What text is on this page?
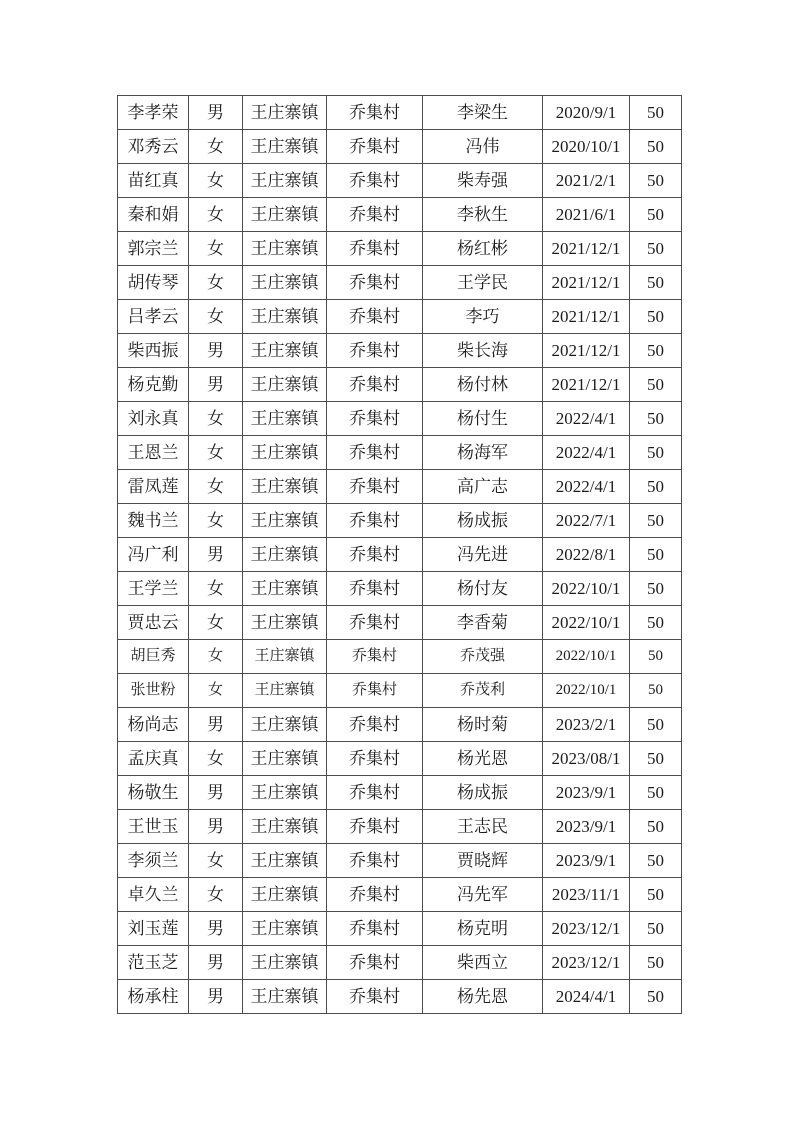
李孝荣	男	王庄寨镇	乔集村	李梁生	2020/9/1	50
邓秀云	女	王庄寨镇	乔集村	冯伟	2020/10/1	50
苗红真	女	王庄寨镇	乔集村	柴寿强	2021/2/1	50
秦和娟	女	王庄寨镇	乔集村	李秋生	2021/6/1	50
郭宗兰	女	王庄寨镇	乔集村	杨红彬	2021/12/1	50
胡传琴	女	王庄寨镇	乔集村	王学民	2021/12/1	50
吕孝云	女	王庄寨镇	乔集村	李巧	2021/12/1	50
柴西振	男	王庄寨镇	乔集村	柴长海	2021/12/1	50
杨克勤	男	王庄寨镇	乔集村	杨付林	2021/12/1	50
刘永真	女	王庄寨镇	乔集村	杨付生	2022/4/1	50
王恩兰	女	王庄寨镇	乔集村	杨海军	2022/4/1	50
雷凤莲	女	王庄寨镇	乔集村	高广志	2022/4/1	50
魏书兰	女	王庄寨镇	乔集村	杨成振	2022/7/1	50
冯广利	男	王庄寨镇	乔集村	冯先进	2022/8/1	50
王学兰	女	王庄寨镇	乔集村	杨付友	2022/10/1	50
贾忠云	女	王庄寨镇	乔集村	李香菊	2022/10/1	50
胡巨秀	女	王庄寨镇	乔集村	乔茂强	2022/10/1	50
张世粉	女	王庄寨镇	乔集村	乔茂利	2022/10/1	50
杨尚志	男	王庄寨镇	乔集村	杨时菊	2023/2/1	50
孟庆真	女	王庄寨镇	乔集村	杨光恩	2023/08/1	50
杨敬生	男	王庄寨镇	乔集村	杨成振	2023/9/1	50
王世玉	男	王庄寨镇	乔集村	王志民	2023/9/1	50
李须兰	女	王庄寨镇	乔集村	贾晓辉	2023/9/1	50
卓久兰	女	王庄寨镇	乔集村	冯先军	2023/11/1	50
刘玉莲	男	王庄寨镇	乔集村	杨克明	2023/12/1	50
范玉芝	男	王庄寨镇	乔集村	柴西立	2023/12/1	50
杨承柱	男	王庄寨镇	乔集村	杨先恩	2024/4/1	50
